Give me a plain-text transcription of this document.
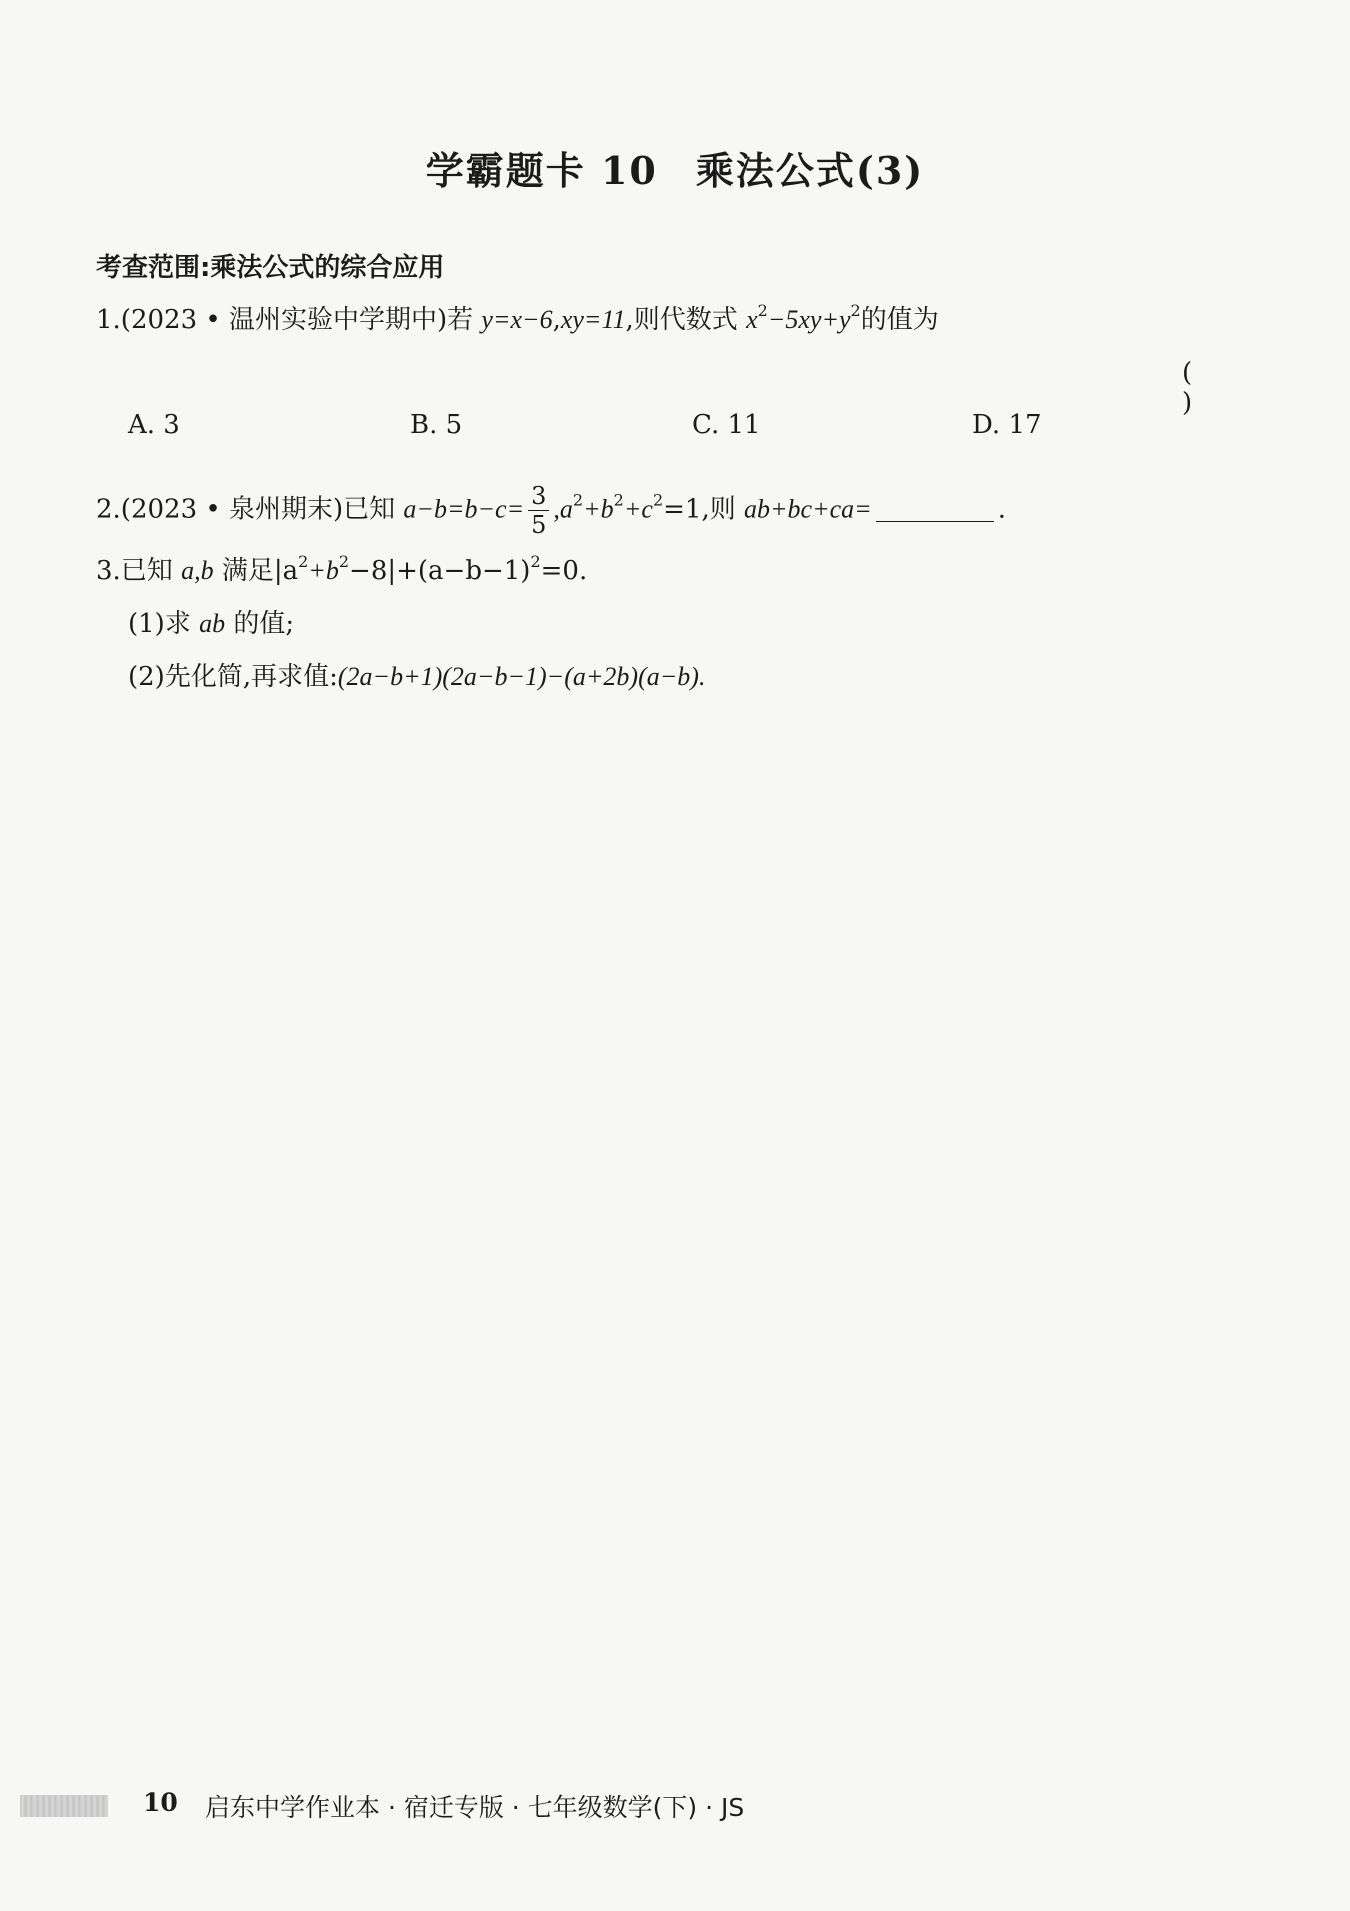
学霸题卡 10 乘法公式(3)
考查范围:乘法公式的综合应用
1.(2023 • 温州实验中学期中)若 y=x−6,xy=11,则代数式 $x^2-5xy+y^2$的值为
( )
A. 3	B. 5	C. 11	D. 17
2.(2023 • 泉州期末)已知 $a-b=b-c= \frac{3}{5} ,a^2+b^2+c^2=1$,则 ab+bc+ca=	.
3.已知 a,b 满足$|a^2+b^2-8|+(a-b-1)^2=0$.
(1)求 ab 的值;
(2)先化简,再求值:(2a−b+1)(2a−b−1)−(a+2b)(a−b).
10 启东中学作业本 · 宿迁专版 · 七年级数学(下) · JS
